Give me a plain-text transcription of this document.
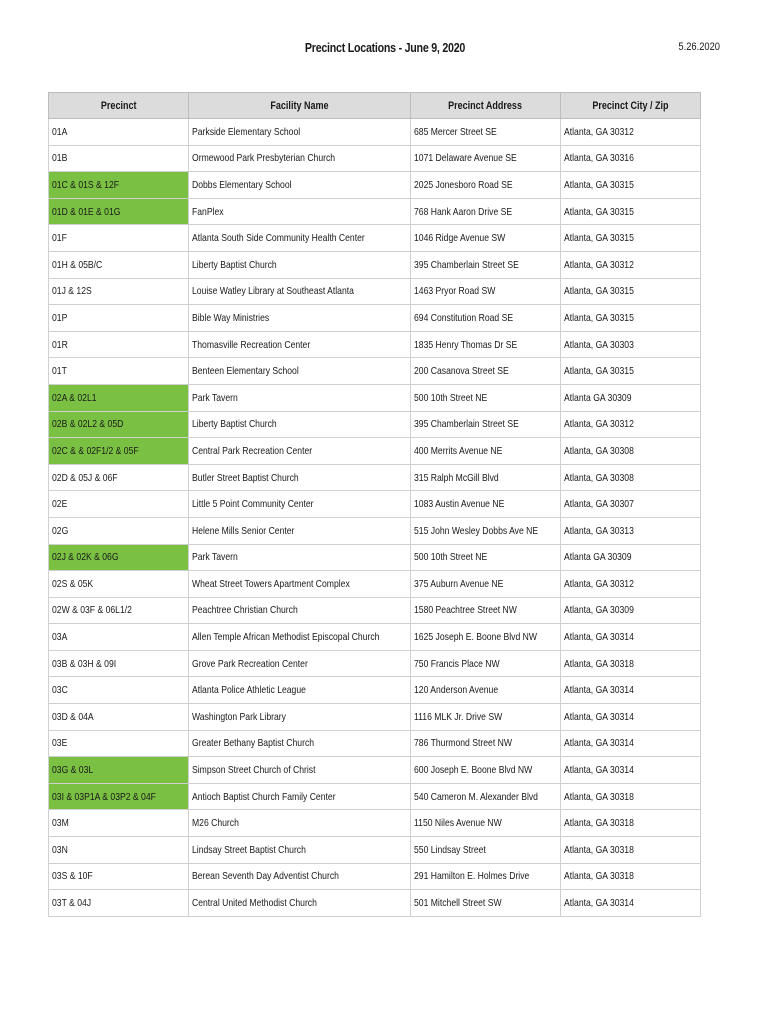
Precinct Locations - June 9, 2020	5.26.2020
Precinct	Facility Name	Precinct Address	Precinct City / Zip
01A	Parkside Elementary School	685 Mercer Street SE	Atlanta, GA 30312
01B	Ormewood Park Presbyterian Church	1071 Delaware Avenue SE	Atlanta, GA 30316
01C & 01S & 12F	Dobbs Elementary School	2025 Jonesboro Road SE	Atlanta, GA 30315
01D & 01E & 01G	FanPlex	768 Hank Aaron Drive SE	Atlanta, GA 30315
01F	Atlanta South Side Community Health Center	1046 Ridge Avenue SW	Atlanta, GA 30315
01H & 05B/C	Liberty Baptist Church	395 Chamberlain Street SE	Atlanta, GA 30312
01J & 12S	Louise Watley Library at Southeast Atlanta	1463 Pryor Road SW	Atlanta, GA 30315
01P	Bible Way Ministries	694 Constitution Road SE	Atlanta, GA 30315
01R	Thomasville Recreation Center	1835 Henry Thomas Dr SE	Atlanta, GA 30303
01T	Benteen Elementary School	200 Casanova Street SE	Atlanta, GA 30315
02A & 02L1	Park Tavern	500 10th Street NE	Atlanta GA 30309
02B & 02L2 & 05D	Liberty Baptist Church	395 Chamberlain Street SE	Atlanta, GA 30312
02C & & 02F1/2 & 05F	Central Park Recreation Center	400 Merrits Avenue NE	Atlanta, GA 30308
02D & 05J & 06F	Butler Street Baptist Church	315 Ralph McGill Blvd	Atlanta, GA 30308
02E	Little 5 Point Community Center	1083 Austin Avenue NE	Atlanta, GA 30307
02G	Helene Mills Senior Center	515 John Wesley Dobbs Ave NE	Atlanta, GA 30313
02J & 02K & 06G	Park Tavern	500 10th Street NE	Atlanta GA 30309
02S & 05K	Wheat Street Towers Apartment Complex	375 Auburn Avenue NE	Atlanta, GA 30312
02W & 03F & 06L1/2	Peachtree Christian Church	1580 Peachtree Street NW	Atlanta, GA 30309
03A	Allen Temple African Methodist Episcopal Church	1625 Joseph E. Boone Blvd NW	Atlanta, GA 30314
03B & 03H & 09I	Grove Park Recreation Center	750 Francis Place NW	Atlanta, GA 30318
03C	Atlanta Police Athletic League	120 Anderson Avenue	Atlanta, GA 30314
03D & 04A	Washington Park Library	1116 MLK Jr. Drive SW	Atlanta, GA 30314
03E	Greater Bethany Baptist Church	786 Thurmond Street NW	Atlanta, GA 30314
03G & 03L	Simpson Street Church of Christ	600 Joseph E. Boone Blvd NW	Atlanta, GA 30314
03I & 03P1A & 03P2 & 04F	Antioch Baptist Church Family Center	540 Cameron M. Alexander Blvd	Atlanta, GA 30318
03M	M26 Church	1150 Niles Avenue NW	Atlanta, GA 30318
03N	Lindsay Street Baptist Church	550 Lindsay Street	Atlanta, GA 30318
03S & 10F	Berean Seventh Day Adventist Church	291 Hamilton E. Holmes Drive	Atlanta, GA 30318
03T & 04J	Central United Methodist Church	501 Mitchell Street SW	Atlanta, GA 30314
